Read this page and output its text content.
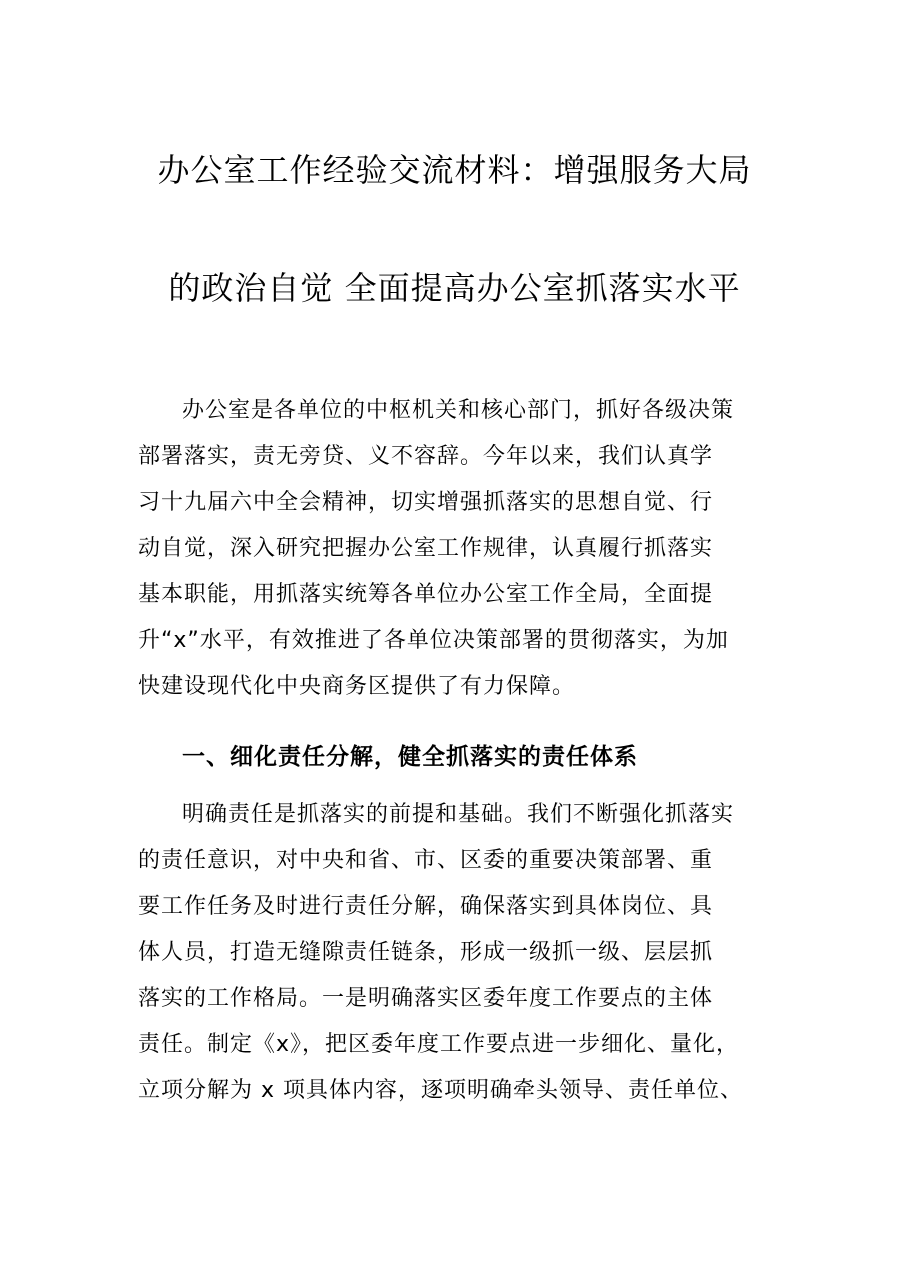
办公室工作经验交流材料：增强服务大局
的政治自觉 全面提高办公室抓落实水平
办公室是各单位的中枢机关和核心部门，抓好各级决策
部署落实，责无旁贷、义不容辞。今年以来，我们认真学
习十九届六中全会精神，切实增强抓落实的思想自觉、行
动自觉，深入研究把握办公室工作规律，认真履行抓落实
基本职能，用抓落实统筹各单位办公室工作全局，全面提
升“x”水平，有效推进了各单位决策部署的贯彻落实，为加
快建设现代化中央商务区提供了有力保障。
一、细化责任分解，健全抓落实的责任体系
明确责任是抓落实的前提和基础。我们不断强化抓落实
的责任意识，对中央和省、市、区委的重要决策部署、重
要工作任务及时进行责任分解，确保落实到具体岗位、具
体人员，打造无缝隙责任链条，形成一级抓一级、层层抓
落实的工作格局。一是明确落实区委年度工作要点的主体
责任。制定《x》，把区委年度工作要点进一步细化、量化，
立项分解为 x 项具体内容，逐项明确牵头领导、责任单位、
